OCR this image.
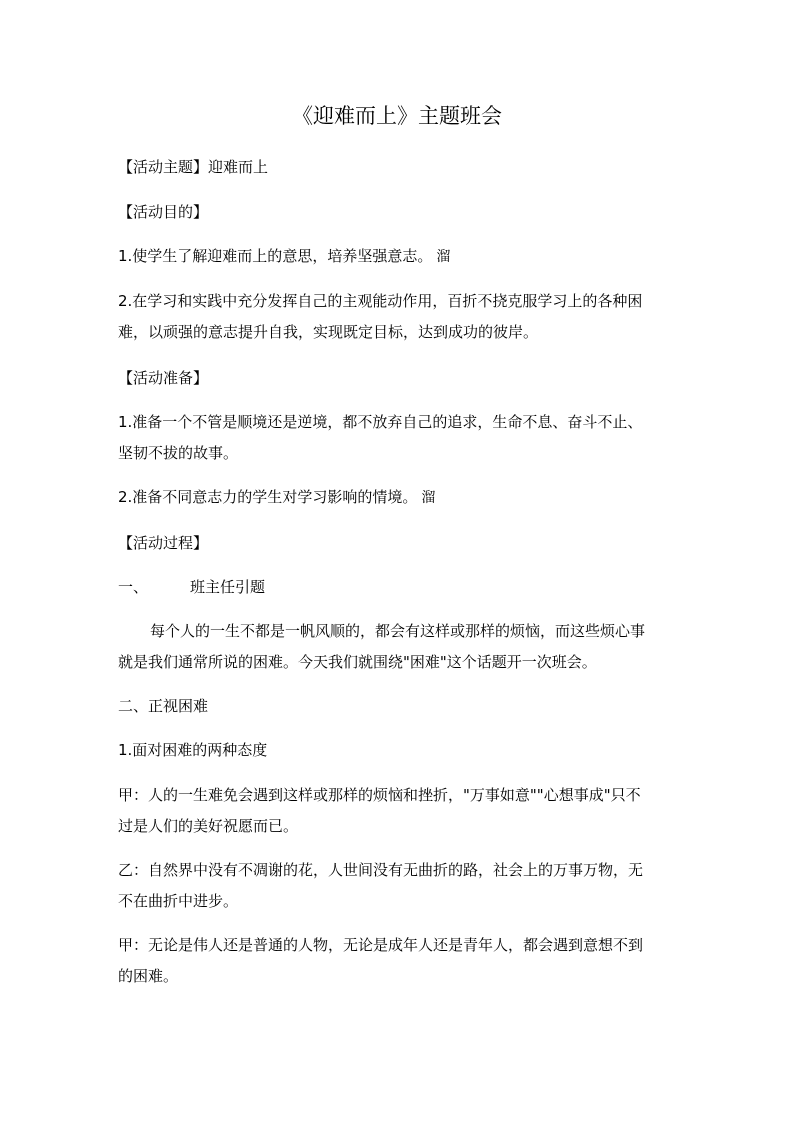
《迎难而上》主题班会
【活动主题】迎难而上
【活动目的】
1.使学生了解迎难而上的意思，培养坚强意志。 溜
2.在学习和实践中充分发挥自己的主观能动作用，百折不挠克服学习上的各种困
难，以顽强的意志提升自我，实现既定目标，达到成功的彼岸。
【活动准备】
1.准备一个不管是顺境还是逆境，都不放弃自己的追求，生命不息、奋斗不止、
坚韧不拔的故事。
2.准备不同意志力的学生对学习影响的情境。 溜
【活动过程】
一、	班主任引题
每个人的一生不都是一帆风顺的，都会有这样或那样的烦恼，而这些烦心事
就是我们通常所说的困难。今天我们就围绕"困难"这个话题开一次班会。
二、正视困难
1.面对困难的两种态度
甲：人的一生难免会遇到这样或那样的烦恼和挫折，"万事如意""心想事成"只不
过是人们的美好祝愿而已。
乙：自然界中没有不凋谢的花，人世间没有无曲折的路，社会上的万事万物，无
不在曲折中进步。
甲：无论是伟人还是普通的人物，无论是成年人还是青年人，都会遇到意想不到
的困难。
